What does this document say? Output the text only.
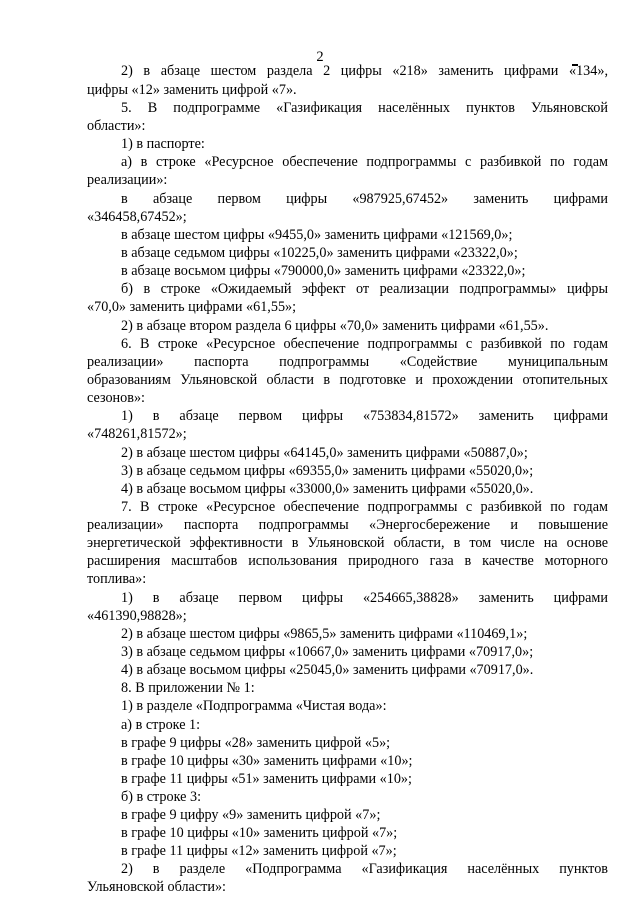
2
2) в абзаце шестом раздела 2 цифры «218» заменить цифрами «134»,
цифры «12» заменить цифрой «7».
5. В подпрограмме «Газификация населённых пунктов Ульяновской
области»:
1) в паспорте:
а) в строке «Ресурсное обеспечение подпрограммы с разбивкой по годам
реализации»:
в абзаце первом цифры «987925,67452» заменить цифрами
«346458,67452»;
в абзаце шестом цифры «9455,0» заменить цифрами «121569,0»;
в абзаце седьмом цифры «10225,0» заменить цифрами «23322,0»;
в абзаце восьмом цифры «790000,0» заменить цифрами «23322,0»;
б) в строке «Ожидаемый эффект от реализации подпрограммы» цифры
«70,0» заменить цифрами «61,55»;
2) в абзаце втором раздела 6 цифры «70,0» заменить цифрами «61,55».
6. В строке «Ресурсное обеспечение подпрограммы с разбивкой по годам
реализации» паспорта подпрограммы «Содействие муниципальным
образованиям Ульяновской области в подготовке и прохождении отопительных
сезонов»:
1) в абзаце первом цифры «753834,81572» заменить цифрами
«748261,81572»;
2) в абзаце шестом цифры «64145,0» заменить цифрами «50887,0»;
3) в абзаце седьмом цифры «69355,0» заменить цифрами «55020,0»;
4) в абзаце восьмом цифры «33000,0» заменить цифрами «55020,0».
7. В строке «Ресурсное обеспечение подпрограммы с разбивкой по годам
реализации» паспорта подпрограммы «Энергосбережение и повышение
энергетической эффективности в Ульяновской области, в том числе на основе
расширения масштабов использования природного газа в качестве моторного
топлива»:
1) в абзаце первом цифры «254665,38828» заменить цифрами
«461390,98828»;
2) в абзаце шестом цифры «9865,5» заменить цифрами «110469,1»;
3) в абзаце седьмом цифры «10667,0» заменить цифрами «70917,0»;
4) в абзаце восьмом цифры «25045,0» заменить цифрами «70917,0».
8. В приложении № 1:
1) в разделе «Подпрограмма «Чистая вода»:
а) в строке 1:
в графе 9 цифры «28» заменить цифрой «5»;
в графе 10 цифры «30» заменить цифрами «10»;
в графе 11 цифры «51» заменить цифрами «10»;
б) в строке 3:
в графе 9 цифру «9» заменить цифрой «7»;
в графе 10 цифры «10» заменить цифрой «7»;
в графе 11 цифры «12» заменить цифрой «7»;
2) в разделе «Подпрограмма «Газификация населённых пунктов
Ульяновской области»:
